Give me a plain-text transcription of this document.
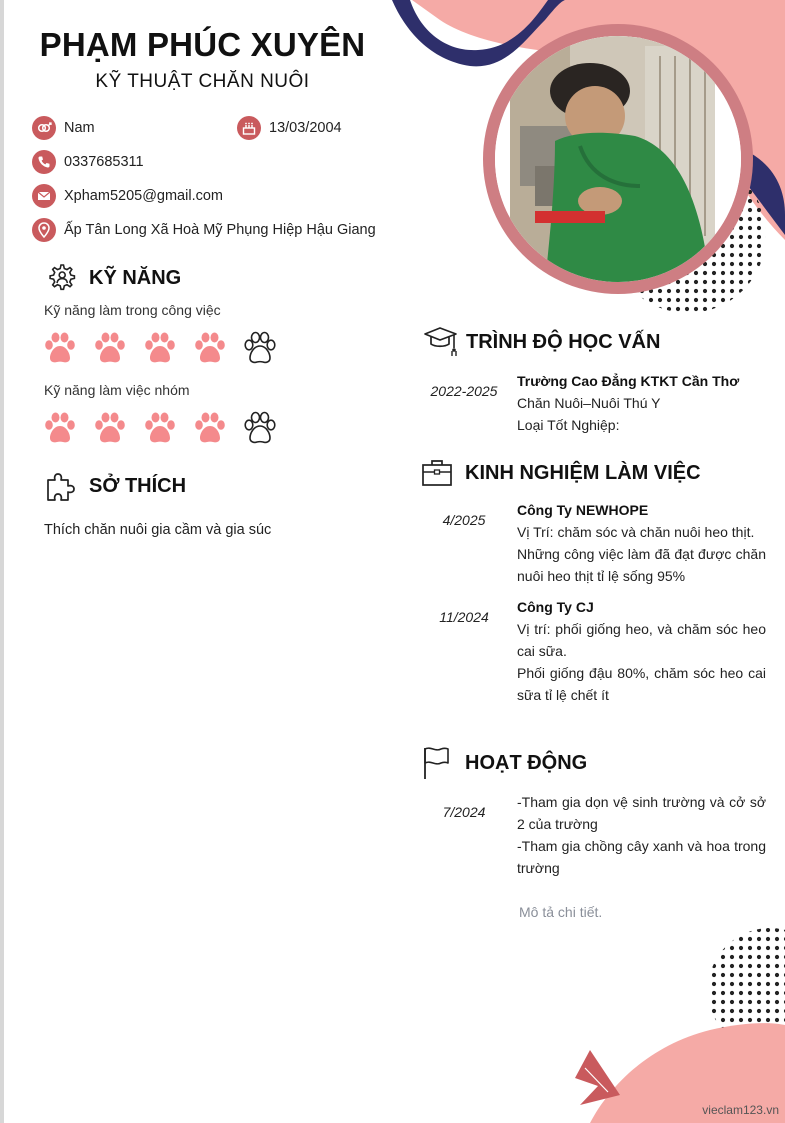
PHẠM PHÚC XUYÊN
KỸ THUẬT CHĂN NUÔI
Nam	13/03/2004
0337685311
Xpham5205@gmail.com
Ấp Tân Long Xã Hoà Mỹ Phụng Hiệp Hậu Giang
KỸ NĂNG
Kỹ năng làm trong công việc
Kỹ năng làm việc nhóm
SỞ THÍCH
Thích chăn nuôi gia cầm và gia súc
TRÌNH ĐỘ HỌC VẤN
2022-2025
Trường Cao Đẳng KTKT Cần Thơ
Chăn Nuôi–Nuôi Thú Y
Loại Tốt Nghiệp:
KINH NGHIỆM LÀM VIỆC
4/2025
Công Ty NEWHOPE
Vị Trí: chăm sóc và chăn nuôi heo thịt.
Những công việc làm đã đạt được chăn nuôi heo thịt tỉ lệ sống 95%
11/2024
Công Ty CJ
Vị trí: phối giống heo, và chăm sóc heo cai sữa.
Phối giống đậu 80%, chăm sóc heo cai sữa tỉ lệ chết ít
HOẠT ĐỘNG
7/2024
-Tham gia dọn vệ sinh trường và cở sở 2 của trường
-Tham gia chồng cây xanh và hoa trong trường
Mô tả chi tiết.
vieclam123.vn
